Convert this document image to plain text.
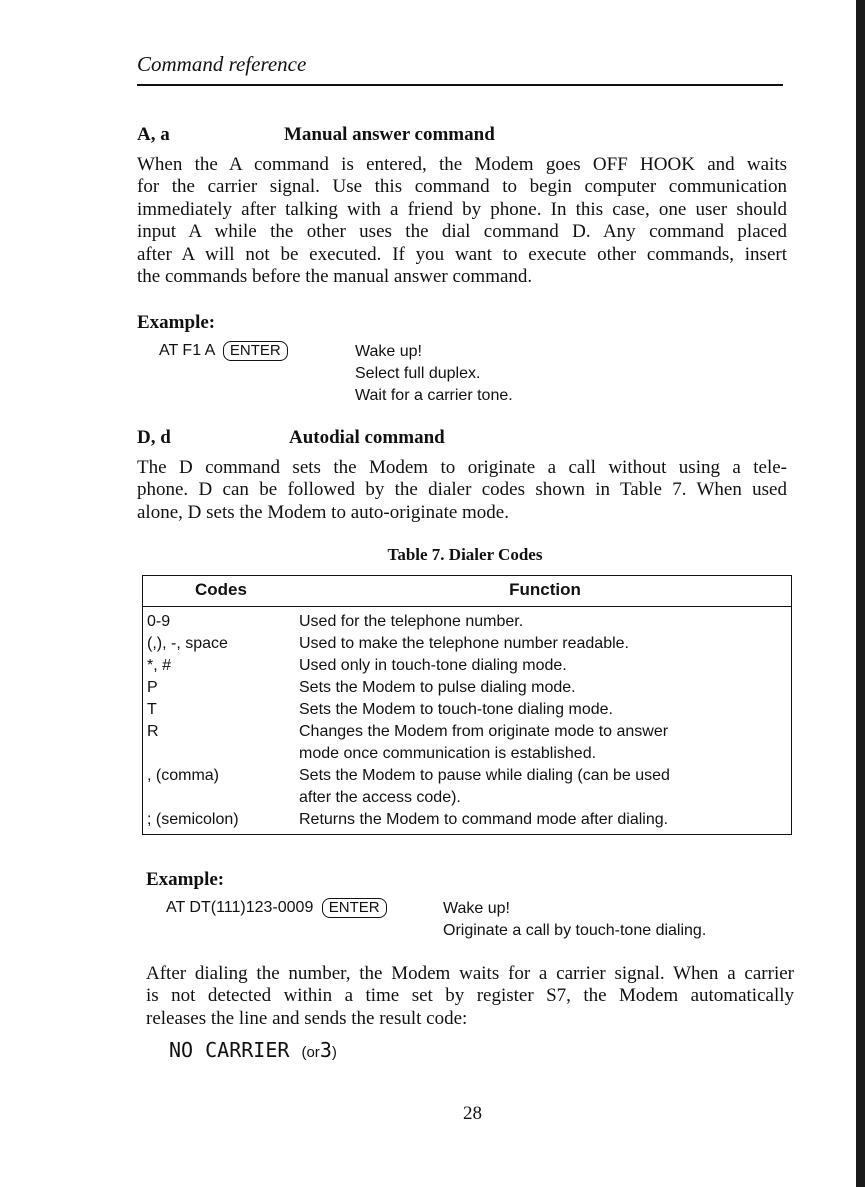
Command reference
A, a	Manual answer command
When the A command is entered, the Modem goes OFF HOOK and waits
for the carrier signal. Use this command to begin computer communication
immediately after talking with a friend by phone. In this case, one user should
input A while the other uses the dial command D. Any command placed
after A will not be executed. If you want to execute other commands, insert
the commands before the manual answer command.
Example:
AT F1 A ENTER	Wake up!
Select full duplex.
Wait for a carrier tone.
D, d	Autodial command
The D command sets the Modem to originate a call without using a tele-
phone. D can be followed by the dialer codes shown in Table 7. When used
alone, D sets the Modem to auto-originate mode.
Table 7. Dialer Codes
Codes	Function
0-9	Used for the telephone number.
(,), -, space	Used to make the telephone number readable.
*, #	Used only in touch-tone dialing mode.
P	Sets the Modem to pulse dialing mode.
T	Sets the Modem to touch-tone dialing mode.
R	Changes the Modem from originate mode to answer
mode once communication is established.

, (comma)	Sets the Modem to pause while dialing (can be used
after the access code).

; (semicolon)	Returns the Modem to command mode after dialing.
Example:
AT DT(111)123-0009 ENTER	Wake up!
Originate a call by touch-tone dialing.
After dialing the number, the Modem waits for a carrier signal. When a carrier
is not detected within a time set by register S7, the Modem automatically
releases the line and sends the result code:
NO CARRIER (or3)
28
